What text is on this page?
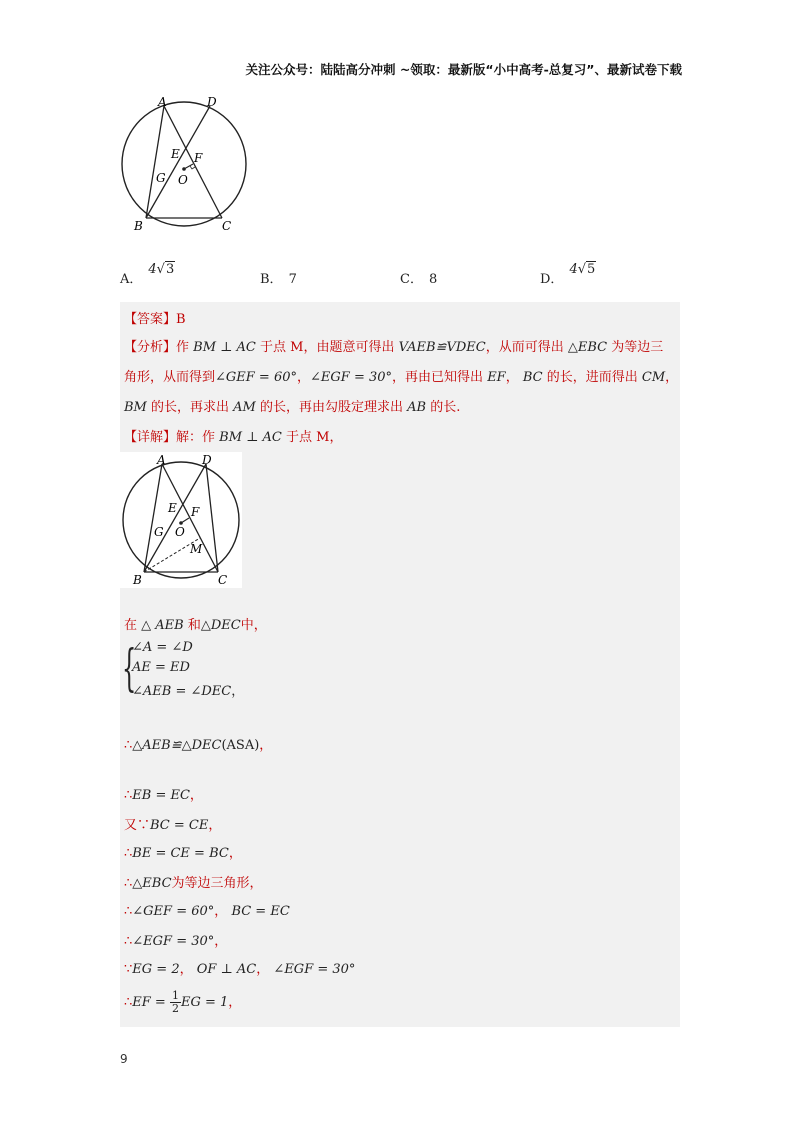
关注公众号：陆陆高分冲刺 ~领取：最新版“小中高考-总复习”、最新试卷下载
A	D
E F
G O
B	C
A．4√3
B． 7	C． 8	D．4√5
【答案】B
【分析】作 BM ⊥ AC 于点 M，由题意可得出 VAEB≌VDEC，从而可得出 △EBC 为等边三
角形，从而得到∠GEF = 60°，∠EGF = 30°，再由已知得出 EF， BC 的长，进而得出 CM，
BM 的长，再求出 AM 的长，再由勾股定理求出 AB 的长.
【详解】解：作 BM ⊥ AC 于点 M，
A	D
E F
G O
M
B	C
在 △ AEB 和△DEC中，
{
∠A = ∠D
AE = ED
∠AEB = ∠DEC，
∴△AEB≌△DEC(ASA)，
∴EB = EC，
又∵BC = CE，
∴BE = CE = BC，
∴△EBC为等边三角形，
∴∠GEF = 60°， BC = EC
∴∠EGF = 30°，
∵EG = 2， OF ⊥ AC， ∠EGF = 30°
∴EF = $\frac{1}{2}$ EG = 1，
9
